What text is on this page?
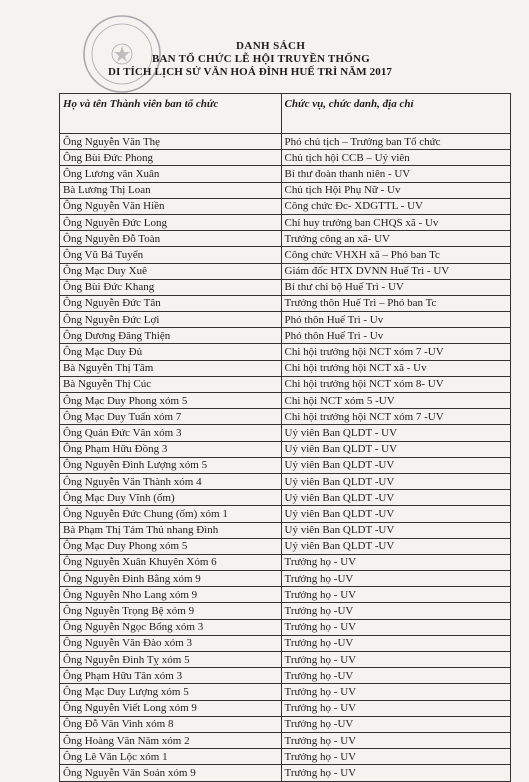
DANH SÁCH
BAN TỔ CHỨC LỄ HỘI TRUYỀN THỐNG
DI TÍCH LỊCH SỬ VĂN HOÁ ĐÌNH HUẾ TRÌ NĂM 2017
Họ và tên Thành viên ban tổ chức	Chức vụ, chức danh, địa chỉ
Ông Nguyễn Văn Thẹ	Phó chủ tịch – Trưởng ban Tổ chức
Ông Bùi Đức Phong	Chủ tịch hội CCB – Uỷ viên
Ông Lương văn Xuân	Bí thư đoàn thanh niên - UV
Bà Lương Thị Loan	Chủ tịch Hội Phụ Nữ - Uv
Ông Nguyễn Văn Hiền	Công chức Đc- XDGTTL - UV
Ông Nguyễn Đức Long	Chỉ huy trưởng ban CHQS xã - Uv
Ông Nguyễn Đỗ Toàn	Trưởng công an xã- UV
Ông Vũ Bá Tuyển	Công chức VHXH xã – Phó ban Tc
Ông Mạc Duy Xuê	Giám đốc HTX DVNN Huế Trì - UV
Ông Bùi Đức Khang	Bí thư chi bộ Huế Trì - UV
Ông Nguyễn Đức Tân	Trưởng thôn Huế Trì – Phó ban Tc
Ông Nguyễn Đức Lợi	Phó thôn Huế Trì - Uv
Ông Dương Đăng Thiện	Phó thôn Huế Trì - Uv
Ông Mạc Duy Đủ	Chi hội trưởng hội NCT xóm 7 -UV
Bà Nguyễn Thị Tâm	Chi hội trưởng hội NCT xã - Uv
Bà Nguyễn Thị Cúc	Chi hội trưởng hội NCT xóm 8- UV
Ông Mạc Duy Phong xóm 5	Chi hội NCT xóm 5 -UV
Ông Mạc Duy Tuấn xóm 7	Chi hội trưởng hội NCT xóm 7 -UV
Ông Quản Đức Vân xóm 3	Uỷ viên Ban QLDT - UV
Ông Phạm Hữu Đồng 3	Uỷ viên Ban QLDT - UV
Ông Nguyễn Đình Lượng xóm 5	Uỷ viên Ban QLDT -UV
Ông Nguyễn Văn Thành xóm 4	Uỷ viên Ban QLDT -UV
Ông Mạc Duy Vĩnh (ốm)	Uỷ viên Ban QLDT -UV
Ông Nguyễn Đức Chung (ốm) xóm 1	Uỷ viên Ban QLDT -UV
Bà Phạm Thị Tám Thủ nhang Đình	Uỷ viên Ban QLDT -UV
Ông Mạc Duy Phong xóm 5	Uỷ viên Ban QLDT -UV
Ông Nguyễn Xuân Khuyên Xóm 6	Trưởng họ - UV
Ông Nguyễn Đình Bằng xóm 9	Trưởng họ -UV
Ông Nguyễn Nho Lang xóm 9	Trưởng họ - UV
Ông Nguyễn Trọng Bệ xóm 9	Trưởng họ -UV
Ông Nguyễn Ngọc Bổng xóm 3	Trưởng họ - UV
Ông Nguyễn Văn Đào xóm 3	Trưởng họ -UV
Ông Nguyễn Đình Tỵ xóm 5	Trưởng họ - UV
Ông Phạm Hữu Tân xóm 3	Trưởng họ -UV
Ông Mạc Duy Lượng xóm 5	Trưởng họ - UV
Ông Nguyễn Viết Long xóm 9	Trưởng họ - UV
Ông Đỗ Văn Vinh xóm 8	Trưởng họ -UV
Ông Hoàng Văn Năm xóm 2	Trưởng họ - UV
Ông Lê Văn Lộc xóm 1	Trưởng họ - UV
Ông Nguyễn Văn Soản xóm 9	Trưởng họ - UV
